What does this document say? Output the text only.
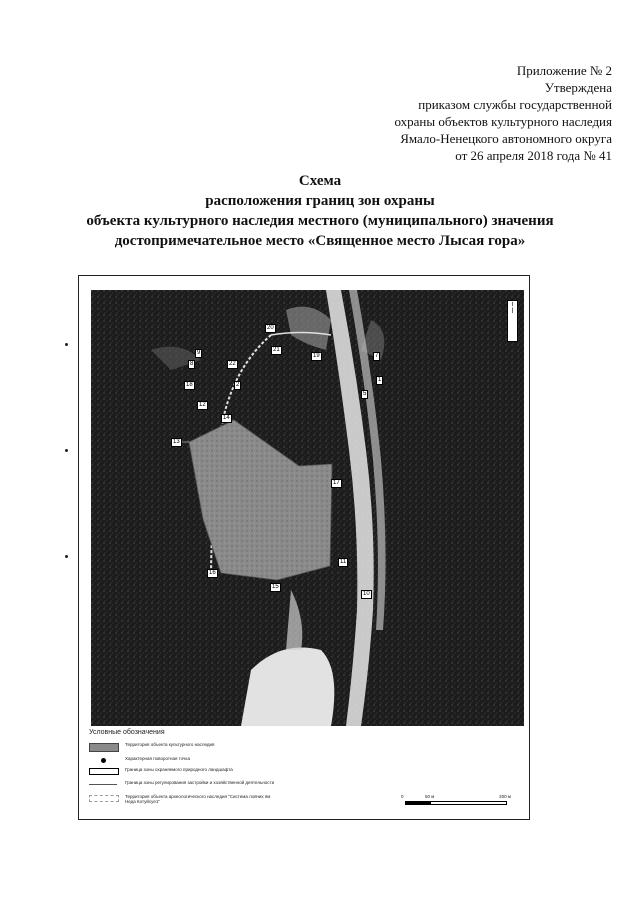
Приложение № 2
Утверждена
приказом службы государственной
охраны объектов культурного наследия
Ямало-Ненецкого автономного округа
от 26 апреля 2018 года № 41
Схема
расположения границ зон охраны
объекта культурного наследия местного (муниципального) значения
достопримечательное место «Священное место Лысая гора»
20
7
21
9
1
8
2
14
12
13
17
11
16
15
10
18
19
22
5
i
l
Условные обозначения
Территория объекта культурного наследия
Характерная поворотная точка
Граница зоны охраняемого природного ландшафта
Граница зоны регулирования застройки и хозяйственной деятельности
Территория объекта археологического наследия "Система ловчих ям Неда Котуйсуе1"
0	50 м	200 м
